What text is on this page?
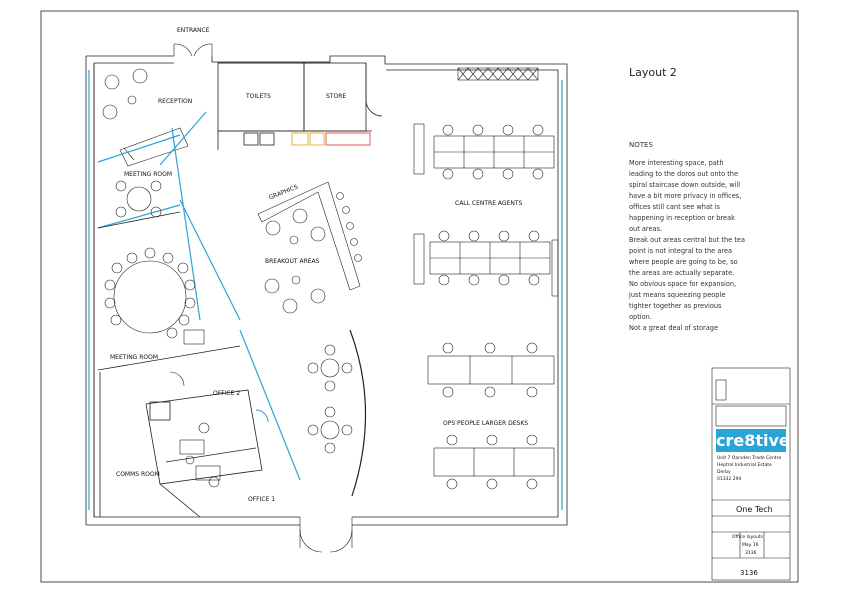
ENTRANCE
RECEPTION
TOILETS	STORE
MEETING ROOM
GRAPHICS
BREAKOUT AREAS
CALL CENTRE AGENTS
MEETING ROOM
OFFICE 2
COMMS ROOM
OFFICE 1
OPS PEOPLE LARGER DESKS
Layout 2
NOTES
More interesting space, path
leading to the doros out onto the
spiral staircase down outside, will
have a bit more privacy in offices,
offices still cant see what is
happening in reception or break
out areas.
Break out areas central but the tea
point is not integral to the area
where people are going to be, so
the areas are actually separate.
No obvious space for expansion,
just means squeezing people
tighter together as previous
option.
Not a great deal of storage
cre8tive
Unit 7 Oarsden Trade Centre
Heptrol Industrial Estate
Derby
01332 294
One Tech
Office layouts
May 16
3136
3136
